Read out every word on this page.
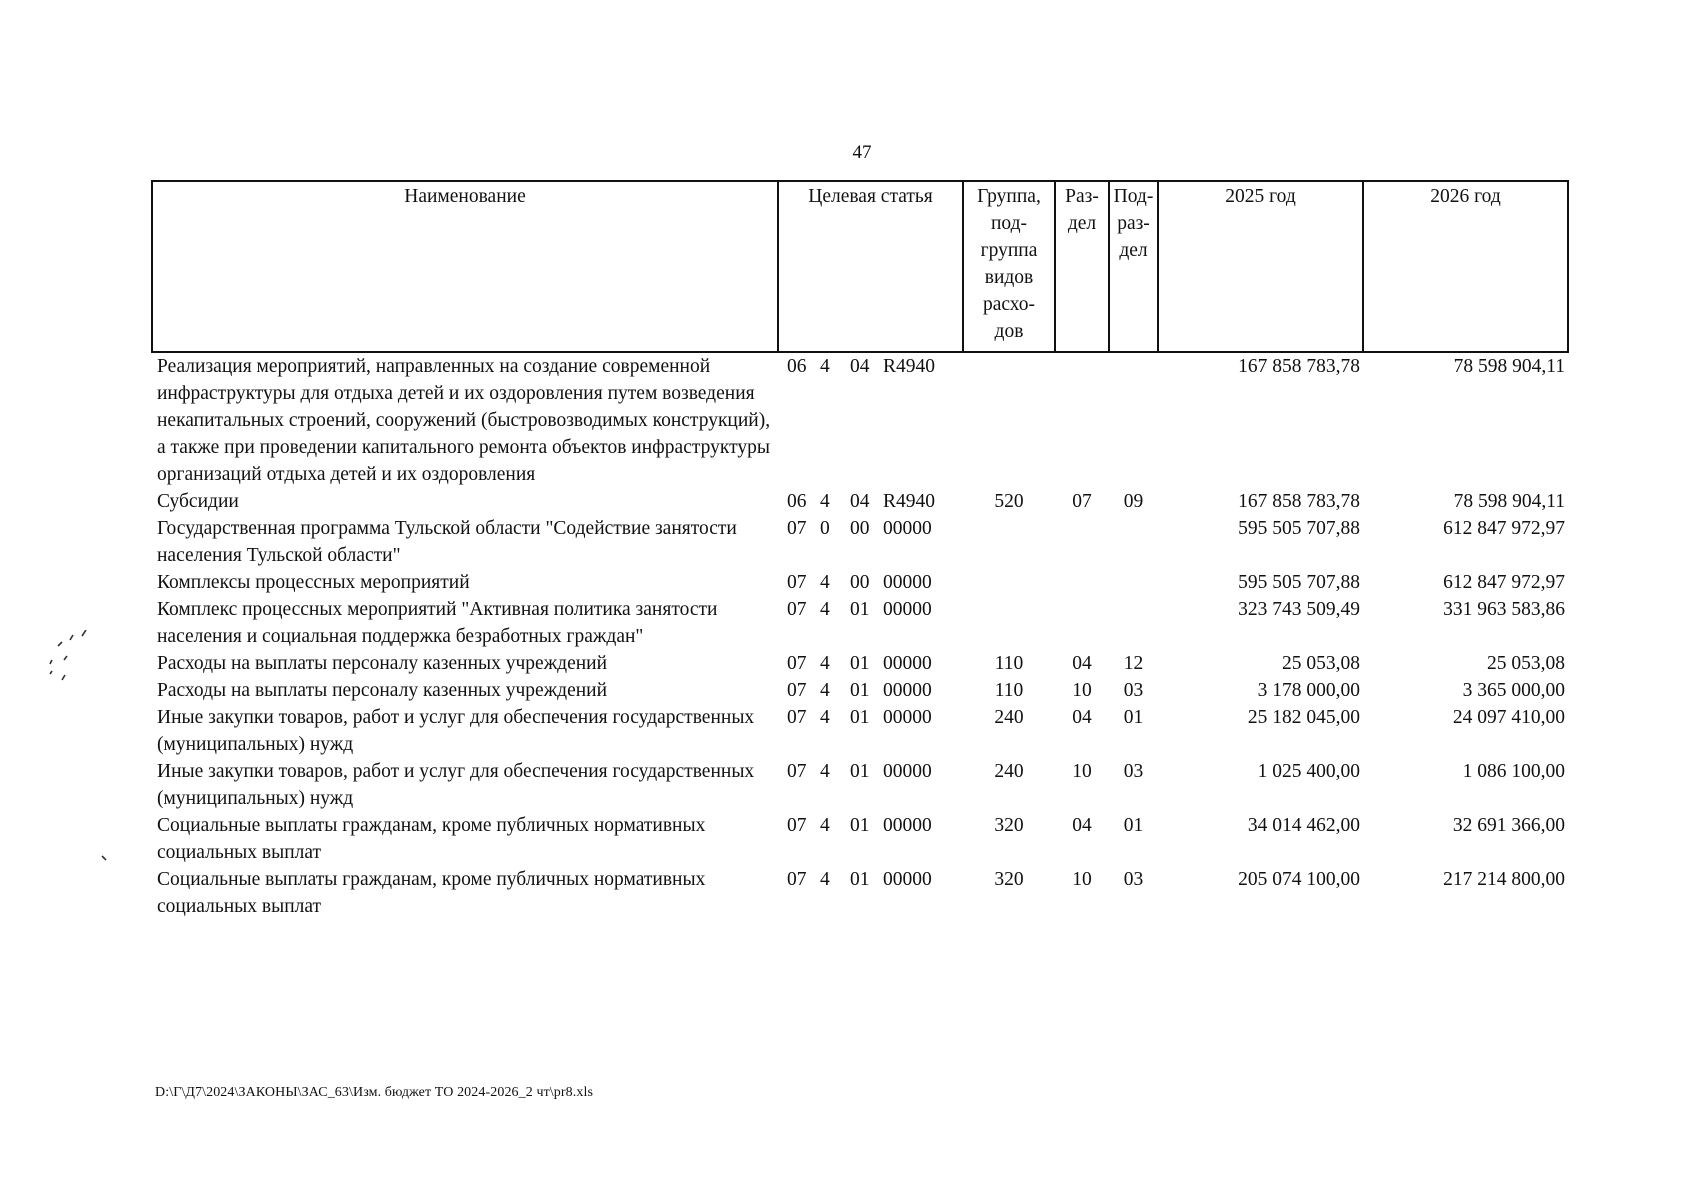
47
Наименование	Целевая статья	Группа, под- группа видов расхо- дов	Раз- дел	Под- раз- дел	2025 год	2026 год
Реализация мероприятий, направленных на создание современной инфраструктуры для отдыха детей и их оздоровления путем возведения некапитальных строений, сооружений (быстровозводимых конструкций), а также при проведении капитального ремонта объектов инфраструктуры организаций отдыха детей и их оздоровления	06 4 04 R4940				167 858 783,78	78 598 904,11
Субсидии	06 4 04 R4940	520	07	09	167 858 783,78	78 598 904,11
Государственная программа Тульской области "Содействие занятости населения Тульской области"	07 0 00 00000				595 505 707,88	612 847 972,97
Комплексы процессных мероприятий	07 4 00 00000				595 505 707,88	612 847 972,97
Комплекс процессных мероприятий "Активная политика занятости населения и социальная поддержка безработных граждан"	07 4 01 00000				323 743 509,49	331 963 583,86
Расходы на выплаты персоналу казенных учреждений	07 4 01 00000	110	04	12	25 053,08	25 053,08
Расходы на выплаты персоналу казенных учреждений	07 4 01 00000	110	10	03	3 178 000,00	3 365 000,00
Иные закупки товаров, работ и услуг для обеспечения государственных (муниципальных) нужд	07 4 01 00000	240	04	01	25 182 045,00	24 097 410,00
Иные закупки товаров, работ и услуг для обеспечения государственных (муниципальных) нужд	07 4 01 00000	240	10	03	1 025 400,00	1 086 100,00
Социальные выплаты гражданам, кроме публичных нормативных социальных выплат	07 4 01 00000	320	04	01	34 014 462,00	32 691 366,00
Социальные выплаты гражданам, кроме публичных нормативных социальных выплат	07 4 01 00000	320	10	03	205 074 100,00	217 214 800,00
D:\Г\Д7\2024\ЗАКОНЫ\ЗАС_63\Изм. бюджет ТО 2024-2026_2 чт\pr8.xls
